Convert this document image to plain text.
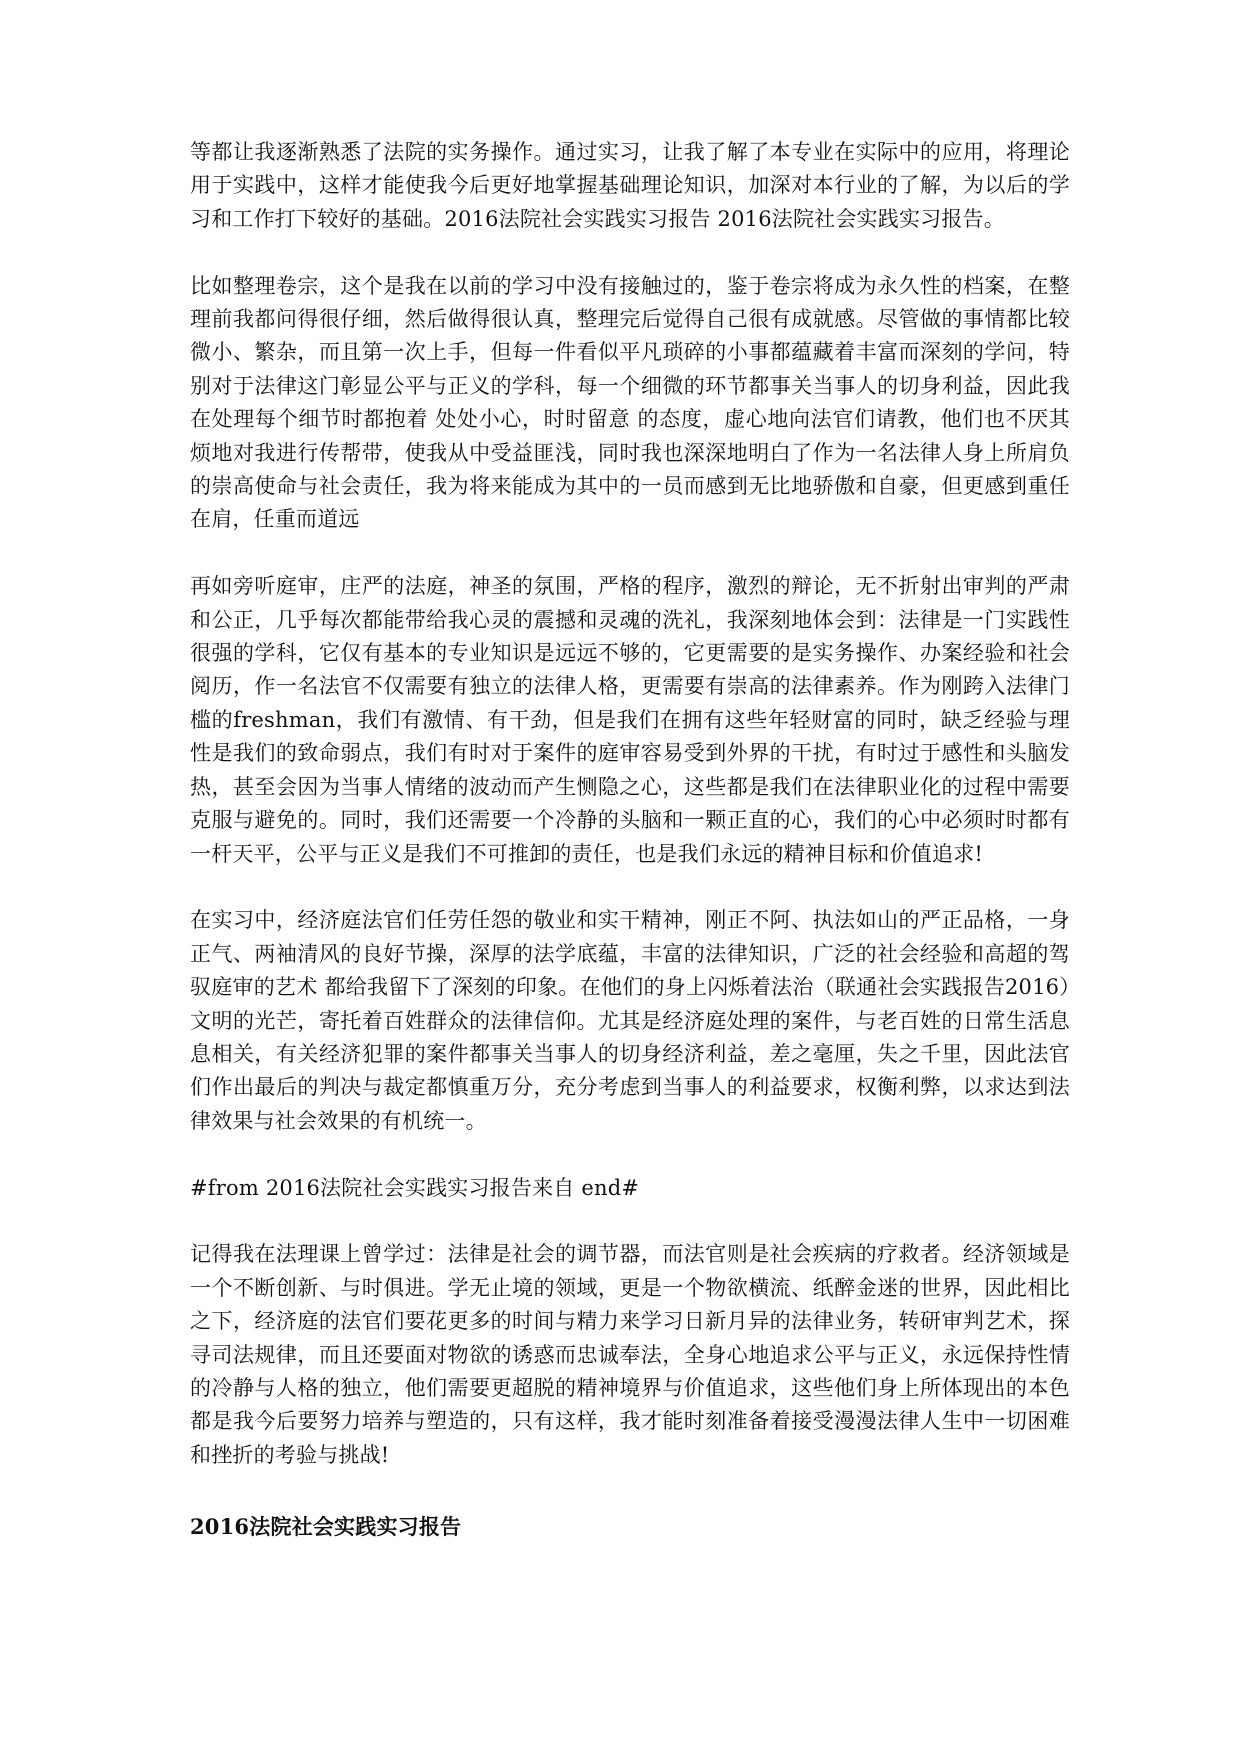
等都让我逐渐熟悉了法院的实务操作。通过实习，让我了解了本专业在实际中的应用，将理论用于实践中，这样才能使我今后更好地掌握基础理论知识，加深对本行业的了解，为以后的学习和工作打下较好的基础。2016法院社会实践实习报告 2016法院社会实践实习报告。

比如整理卷宗，这个是我在以前的学习中没有接触过的，鉴于卷宗将成为永久性的档案，在整理前我都问得很仔细，然后做得很认真，整理完后觉得自己很有成就感。尽管做的事情都比较微小、繁杂，而且第一次上手，但每一件看似平凡琐碎的小事都蕴藏着丰富而深刻的学问，特别对于法律这门彰显公平与正义的学科，每一个细微的环节都事关当事人的切身利益，因此我在处理每个细节时都抱着 处处小心，时时留意 的态度，虚心地向法官们请教，他们也不厌其烦地对我进行传帮带，使我从中受益匪浅，同时我也深深地明白了作为一名法律人身上所肩负的崇高使命与社会责任，我为将来能成为其中的一员而感到无比地骄傲和自豪，但更感到重任在肩，任重而道远

再如旁听庭审，庄严的法庭，神圣的氛围，严格的程序，激烈的辩论，无不折射出审判的严肃和公正，几乎每次都能带给我心灵的震撼和灵魂的洗礼，我深刻地体会到：法律是一门实践性很强的学科，它仅有基本的专业知识是远远不够的，它更需要的是实务操作、办案经验和社会阅历，作一名法官不仅需要有独立的法律人格，更需要有崇高的法律素养。作为刚跨入法律门槛的freshman，我们有激情、有干劲，但是我们在拥有这些年轻财富的同时，缺乏经验与理性是我们的致命弱点，我们有时对于案件的庭审容易受到外界的干扰，有时过于感性和头脑发热，甚至会因为当事人情绪的波动而产生恻隐之心，这些都是我们在法律职业化的过程中需要克服与避免的。同时，我们还需要一个冷静的头脑和一颗正直的心，我们的心中必须时时都有一杆天平，公平与正义是我们不可推卸的责任，也是我们永远的精神目标和价值追求!

在实习中，经济庭法官们任劳任怨的敬业和实干精神，刚正不阿、执法如山的严正品格，一身正气、两袖清风的良好节操，深厚的法学底蕴，丰富的法律知识，广泛的社会经验和高超的驾驭庭审的艺术 都给我留下了深刻的印象。在他们的身上闪烁着法治（联通社会实践报告2016）文明的光芒，寄托着百姓群众的法律信仰。尤其是经济庭处理的案件，与老百姓的日常生活息息相关，有关经济犯罪的案件都事关当事人的切身经济利益，差之毫厘，失之千里，因此法官们作出最后的判决与裁定都慎重万分，充分考虑到当事人的利益要求，权衡利弊，以求达到法律效果与社会效果的有机统一。

#from 2016法院社会实践实习报告来自 end#

记得我在法理课上曾学过：法律是社会的调节器，而法官则是社会疾病的疗救者。经济领域是一个不断创新、与时俱进。学无止境的领域，更是一个物欲横流、纸醉金迷的世界，因此相比之下，经济庭的法官们要花更多的时间与精力来学习日新月异的法律业务，转研审判艺术，探寻司法规律，而且还要面对物欲的诱惑而忠诚奉法，全身心地追求公平与正义，永远保持性情的冷静与人格的独立，他们需要更超脱的精神境界与价值追求，这些他们身上所体现出的本色都是我今后要努力培养与塑造的，只有这样，我才能时刻准备着接受漫漫法律人生中一切困难和挫折的考验与挑战!

2016法院社会实践实习报告
